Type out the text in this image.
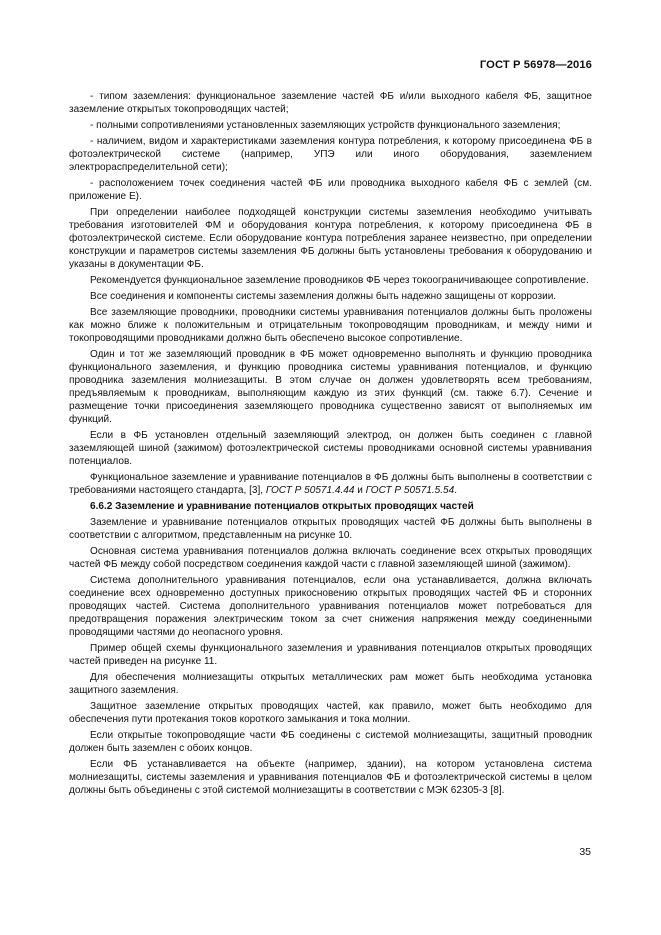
ГОСТ Р 56978—2016

- типом заземления: функциональное заземление частей ФБ и/или выходного кабеля ФБ, защитное заземление открытых токопроводящих частей;

- полными сопротивлениями установленных заземляющих устройств функционального заземления;

- наличием, видом и характеристиками заземления контура потребления, к которому присоединена ФБ в фотоэлектрической системе (например, УПЭ или иного оборудования, заземлением электрораспределительной сети);

- расположением точек соединения частей ФБ или проводника выходного кабеля ФБ с землей (см. приложение Е).

При определении наиболее подходящей конструкции системы заземления необходимо учитывать требования изготовителей ФМ и оборудования контура потребления, к которому присоединена ФБ в фотоэлектрической системе. Если оборудование контура потребления заранее неизвестно, при определении конструкции и параметров системы заземления ФБ должны быть установлены требования к оборудованию и указаны в документации ФБ.

Рекомендуется функциональное заземление проводников ФБ через токоограничивающее сопротивление.

Все соединения и компоненты системы заземления должны быть надежно защищены от коррозии.

Все заземляющие проводники, проводники системы уравнивания потенциалов должны быть проложены как можно ближе к положительным и отрицательным токопроводящим проводникам, и между ними и токопроводящими проводниками должно быть обеспечено высокое сопротивление.

Один и тот же заземляющий проводник в ФБ может одновременно выполнять и функцию проводника функционального заземления, и функцию проводника системы уравнивания потенциалов, и функцию проводника заземления молниезащиты. В этом случае он должен удовлетворять всем требованиям, предъявляемым к проводникам, выполняющим каждую из этих функций (см. также 6.7). Сечение и размещение точки присоединения заземляющего проводника существенно зависят от выполняемых им функций.

Если в ФБ установлен отдельный заземляющий электрод, он должен быть соединен с главной заземляющей шиной (зажимом) фотоэлектрической системы проводниками основной системы уравнивания потенциалов.

Функциональное заземление и уравнивание потенциалов в ФБ должны быть выполнены в соответствии с требованиями настоящего стандарта, [3], ГОСТ Р 50571.4.44 и ГОСТ Р 50571.5.54.

6.6.2 Заземление и уравнивание потенциалов открытых проводящих частей

Заземление и уравнивание потенциалов открытых проводящих частей ФБ должны быть выполнены в соответствии с алгоритмом, представленным на рисунке 10.

Основная система уравнивания потенциалов должна включать соединение всех открытых проводящих частей ФБ между собой посредством соединения каждой части с главной заземляющей шиной (зажимом).

Система дополнительного уравнивания потенциалов, если она устанавливается, должна включать соединение всех одновременно доступных прикосновению открытых проводящих частей ФБ и сторонних проводящих частей. Система дополнительного уравнивания потенциалов может потребоваться для предотвращения поражения электрическим током за счет снижения напряжения между соединенными проводящими частями до неопасного уровня.

Пример общей схемы функционального заземления и уравнивания потенциалов открытых проводящих частей приведен на рисунке 11.

Для обеспечения молниезащиты открытых металлических рам может быть необходима установка защитного заземления.

Защитное заземление открытых проводящих частей, как правило, может быть необходимо для обеспечения пути протекания токов короткого замыкания и тока молнии.

Если открытые токопроводящие части ФБ соединены с системой молниезащиты, защитный проводник должен быть заземлен с обоих концов.

Если ФБ устанавливается на объекте (например, здании), на котором установлена система молниезащиты, системы заземления и уравнивания потенциалов ФБ и фотоэлектрической системы в целом должны быть объединены с этой системой молниезащиты в соответствии с МЭК 62305-3 [8].

35
